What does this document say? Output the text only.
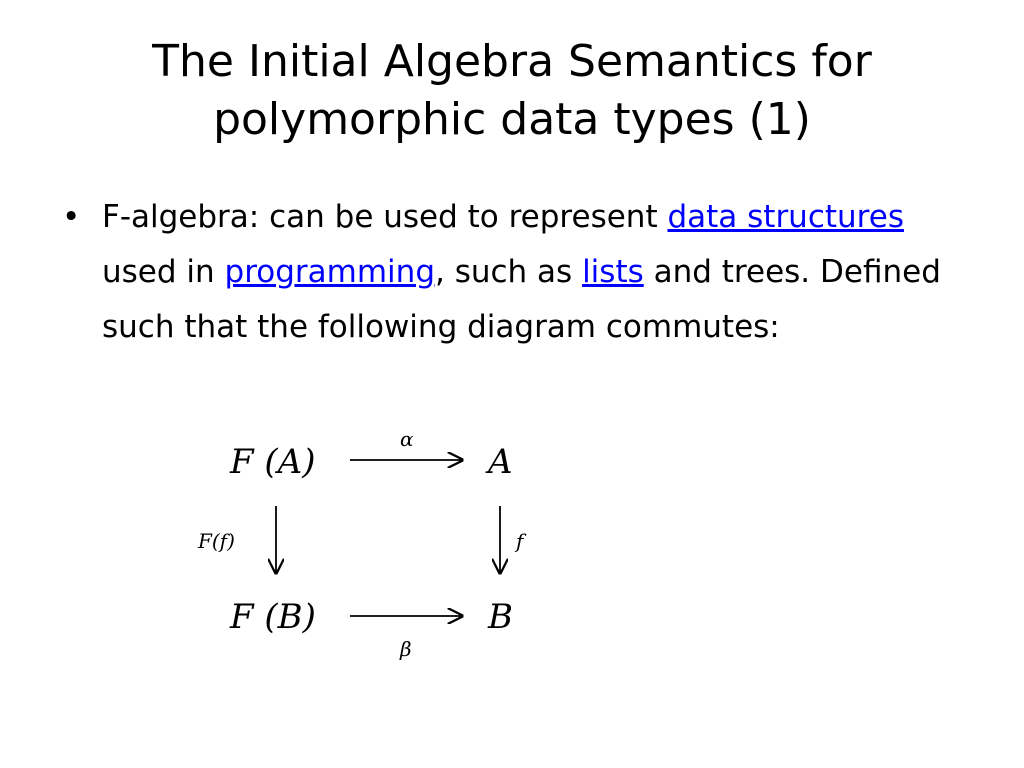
The Initial Algebra Semantics for
polymorphic data types (1)
• F-algebra: can be used to represent data structures used in programming, such as lists and trees. Defined such that the following diagram commutes:
F (A)	A
F (B)	B
α
β
F(f)	f
